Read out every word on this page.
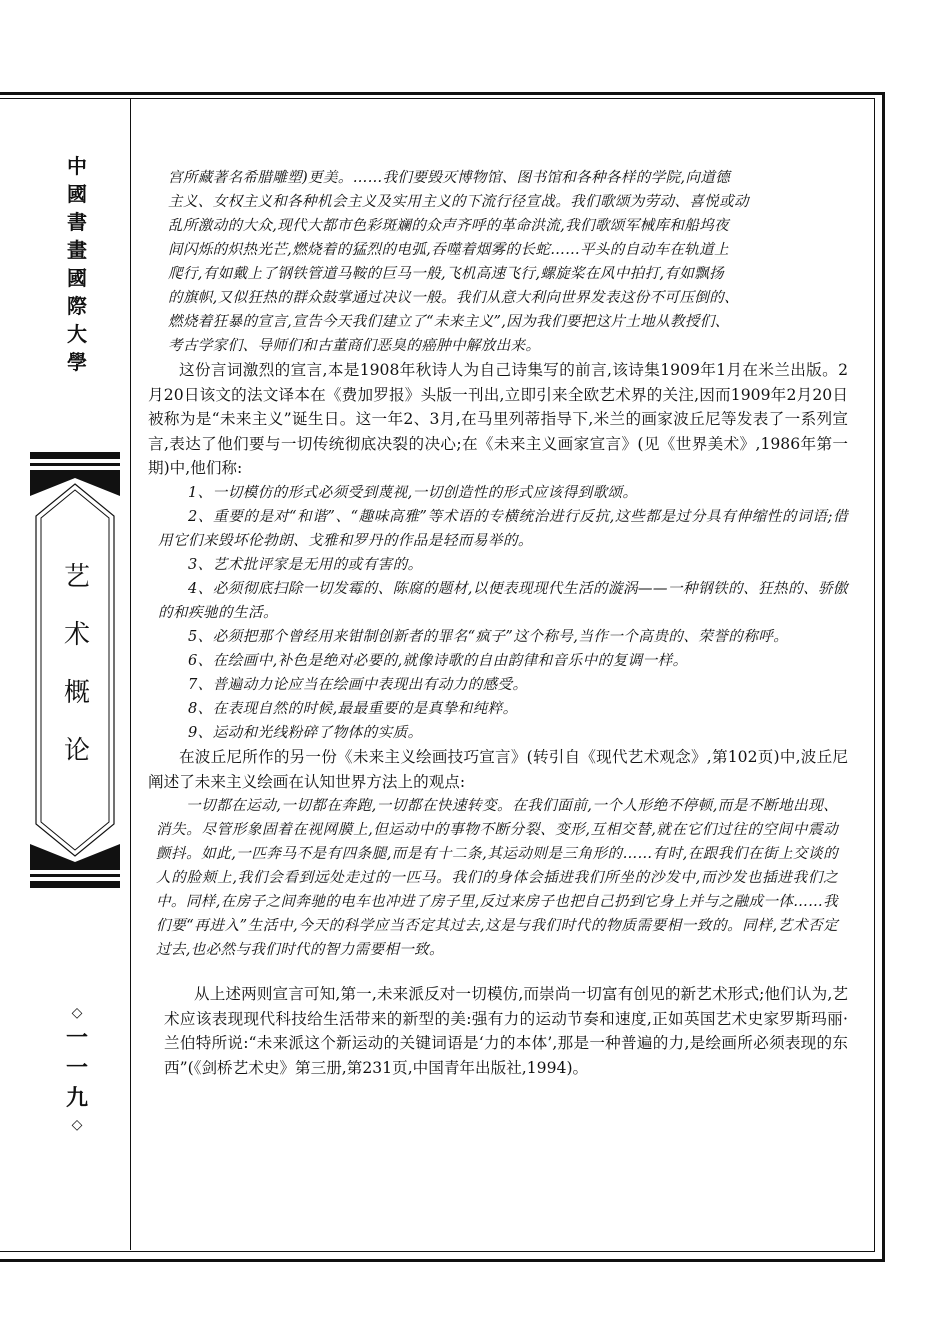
中
國
書
畫
國
際
大
學
艺
术
概
论
◇
一
一
九
◇

宫所藏著名希腊雕塑)更美。……我们要毁灭博物馆、图书馆和各种各样的学院,向道德

主义、女权主义和各种机会主义及实用主义的下流行径宣战。我们歌颂为劳动、喜悦或动

乱所激动的大众,现代大都市色彩斑斓的众声齐呼的革命洪流,我们歌颂军械库和船坞夜

间闪烁的炽热光芒,燃烧着的猛烈的电弧,吞噬着烟雾的长蛇……平头的自动车在轨道上

爬行,有如戴上了钢铁管道马鞍的巨马一般,飞机高速飞行,螺旋桨在风中拍打,有如飘扬

的旗帜,又似狂热的群众鼓掌通过决议一般。我们从意大利向世界发表这份不可压倒的、

燃烧着狂暴的宣言,宣告今天我们建立了“未来主义”,因为我们要把这片土地从教授们、

考古学家们、导师们和古董商们恶臭的癌肿中解放出来。

这份言词激烈的宣言,本是1908年秋诗人为自己诗集写的前言,该诗集1909年1月在米兰出版。2月20日该文的法文译本在《费加罗报》头版一刊出,立即引来全欧艺术界的关注,因而1909年2月20日被称为是“未来主义”诞生日。这一年2、3月,在马里列蒂指导下,米兰的画家波丘尼等发表了一系列宣言,表达了他们要与一切传统彻底决裂的决心;在《未来主义画家宣言》(见《世界美术》,1986年第一期)中,他们称:

1、一切模仿的形式必须受到蔑视,一切创造性的形式应该得到歌颂。
2、重要的是对“和谐”、“趣味高雅”等术语的专横统治进行反抗,这些都是过分具有伸缩性的词语;借用它们来毁坏伦勃朗、戈雅和罗丹的作品是轻而易举的。
3、艺术批评家是无用的或有害的。
4、必须彻底扫除一切发霉的、陈腐的题材,以便表现现代生活的漩涡——一种钢铁的、狂热的、骄傲的和疾驰的生活。
5、必须把那个曾经用来钳制创新者的罪名“疯子”这个称号,当作一个高贵的、荣誉的称呼。
6、在绘画中,补色是绝对必要的,就像诗歌的自由韵律和音乐中的复调一样。
7、普遍动力论应当在绘画中表现出有动力的感受。
8、在表现自然的时候,最最重要的是真挚和纯粹。
9、运动和光线粉碎了物体的实质。

在波丘尼所作的另一份《未来主义绘画技巧宣言》(转引自《现代艺术观念》,第102页)中,波丘尼阐述了未来主义绘画在认知世界方法上的观点:

一切都在运动,一切都在奔跑,一切都在快速转变。在我们面前,一个人形绝不停顿,而是不断地出现、消失。尽管形象固着在视网膜上,但运动中的事物不断分裂、变形,互相交替,就在它们过往的空间中震动颤抖。如此,一匹奔马不是有四条腿,而是有十二条,其运动则是三角形的……有时,在跟我们在街上交谈的人的脸颊上,我们会看到远处走过的一匹马。我们的身体会插进我们所坐的沙发中,而沙发也插进我们之中。同样,在房子之间奔驰的电车也冲进了房子里,反过来房子也把自己扔到它身上并与之融成一体……我们要“再进入”生活中,今天的科学应当否定其过去,这是与我们时代的物质需要相一致的。同样,艺术否定过去,也必然与我们时代的智力需要相一致。

从上述两则宣言可知,第一,未来派反对一切模仿,而崇尚一切富有创见的新艺术形式;他们认为,艺术应该表现现代科技给生活带来的新型的美:强有力的运动节奏和速度,正如英国艺术史家罗斯玛丽·兰伯特所说:“未来派这个新运动的关键词语是‘力的本体’,那是一种普遍的力,是绘画所必须表现的东西”(《剑桥艺术史》第三册,第231页,中国青年出版社,1994)。
